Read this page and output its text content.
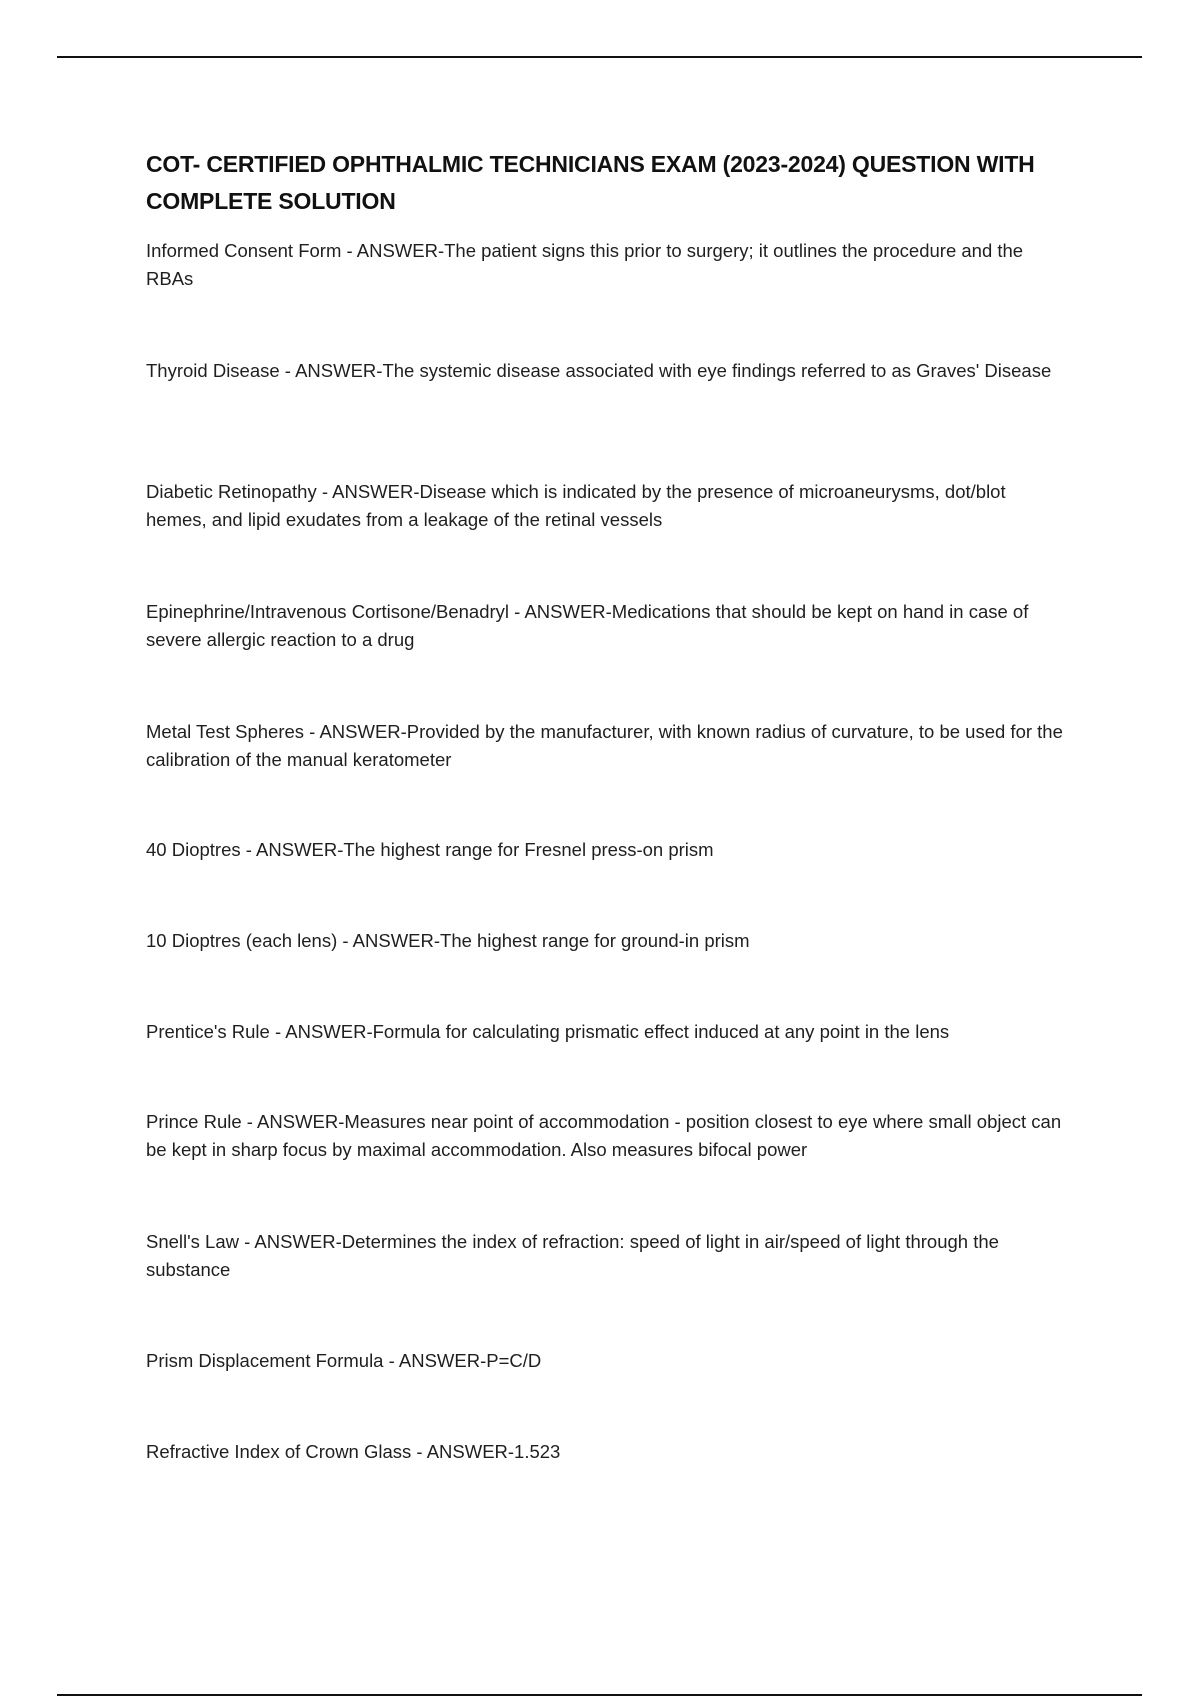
COT- CERTIFIED OPHTHALMIC TECHNICIANS EXAM (2023-2024) QUESTION WITH COMPLETE SOLUTION
Informed Consent Form - ANSWER-The patient signs this prior to surgery; it outlines the procedure and the RBAs
Thyroid Disease - ANSWER-The systemic disease associated with eye findings referred to as Graves' Disease
Diabetic Retinopathy - ANSWER-Disease which is indicated by the presence of microaneurysms, dot/blot hemes, and lipid exudates from a leakage of the retinal vessels
Epinephrine/Intravenous Cortisone/Benadryl - ANSWER-Medications that should be kept on hand in case of severe allergic reaction to a drug
Metal Test Spheres - ANSWER-Provided by the manufacturer, with known radius of curvature, to be used for the calibration of the manual keratometer
40 Dioptres - ANSWER-The highest range for Fresnel press-on prism
10 Dioptres (each lens) - ANSWER-The highest range for ground-in prism
Prentice's Rule - ANSWER-Formula for calculating prismatic effect induced at any point in the lens
Prince Rule - ANSWER-Measures near point of accommodation - position closest to eye where small object can be kept in sharp focus by maximal accommodation. Also measures bifocal power
Snell's Law - ANSWER-Determines the index of refraction: speed of light in air/speed of light through the substance
Prism Displacement Formula - ANSWER-P=C/D
Refractive Index of Crown Glass - ANSWER-1.523
